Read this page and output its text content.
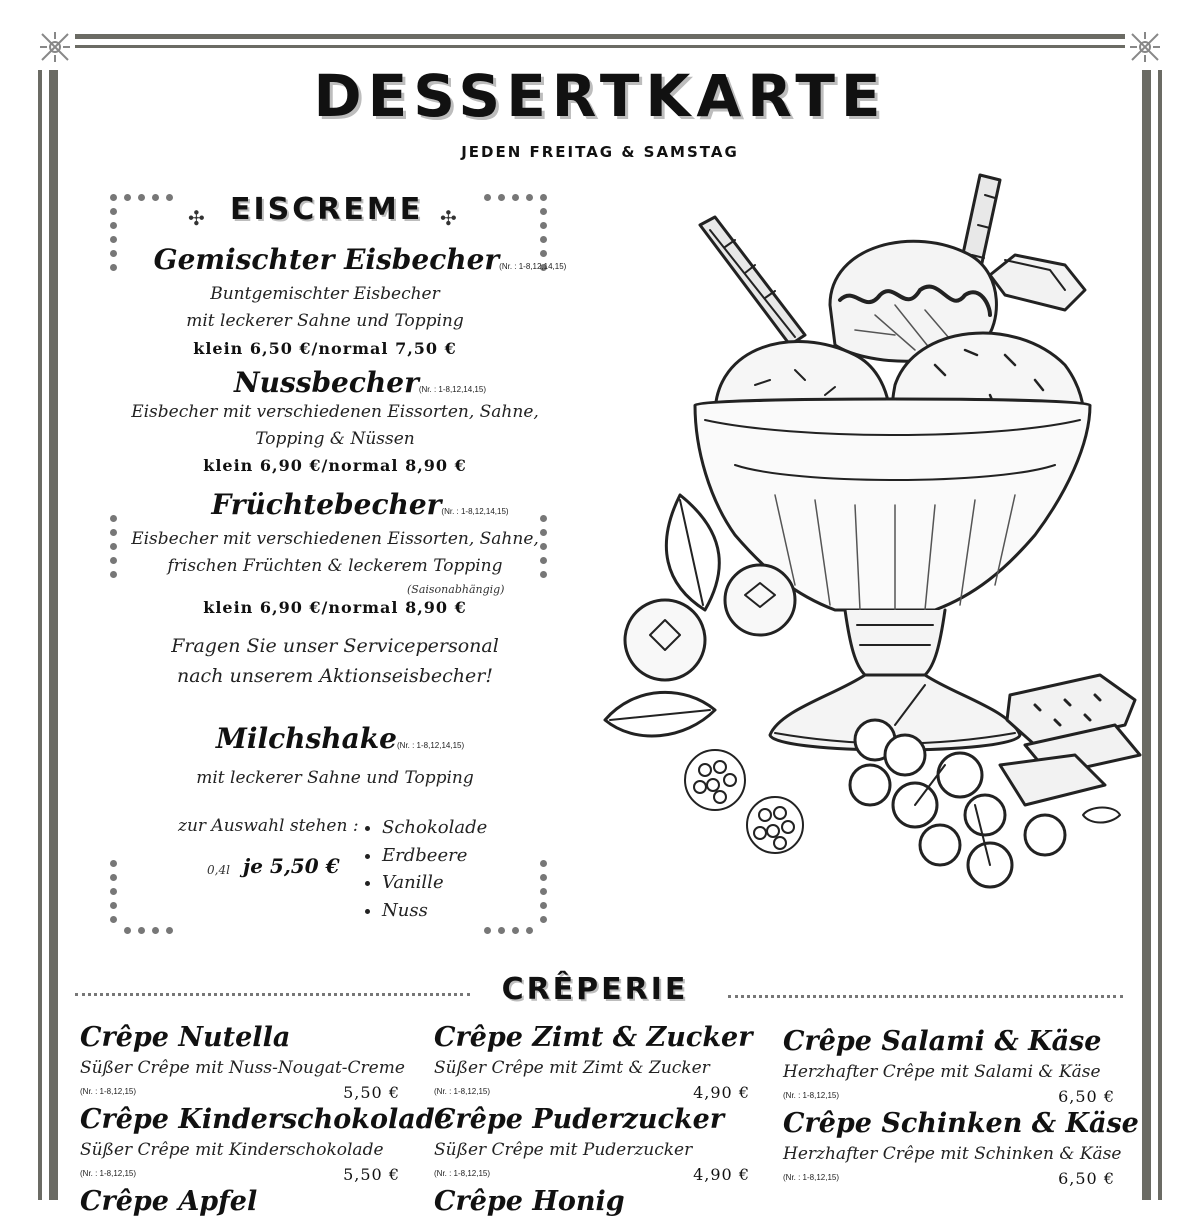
DESSERTKARTE
JEDEN FREITAG & SAMSTAG
✣ EISCREME ✣
Gemischter Eisbecher(Nr. : 1-8,12,14,15)
Buntgemischter Eisbecher
mit leckerer Sahne und Topping
klein 6,50 €/normal 7,50 €
Nussbecher(Nr. : 1-8,12,14,15)
Eisbecher mit verschiedenen Eissorten, Sahne,
Topping & Nüssen
klein 6,90 €/normal 8,90 €
Früchtebecher(Nr. : 1-8,12,14,15)
Eisbecher mit verschiedenen Eissorten, Sahne,
frischen Früchten & leckerem Topping
(Saisonabhängig)
klein 6,90 €/normal 8,90 €
Fragen Sie unser Servicepersonal
nach unserem Aktionseisbecher!
Milchshake(Nr. : 1-8,12,14,15)
mit leckerer Sahne und Topping
zur Auswahl stehen :
0,4l je 5,50 €
• Schokolade
• Erdbeere
• Vanille
• Nuss
CRÊPERIE
Crêpe Nutella
Süßer Crêpe mit Nuss-Nougat-Creme
(Nr. : 1-8,12,15)	5,50 €
Crêpe Kinderschokolade
Süßer Crêpe mit Kinderschokolade
(Nr. : 1-8,12,15)	5,50 €
Crêpe Apfel
Crêpe Zimt & Zucker
Süßer Crêpe mit Zimt & Zucker
(Nr. : 1-8,12,15)	4,90 €
Crêpe Puderzucker
Süßer Crêpe mit Puderzucker
(Nr. : 1-8,12,15)	4,90 €
Crêpe Honig
Crêpe Salami & Käse
Herzhafter Crêpe mit Salami & Käse
(Nr. : 1-8,12,15)	6,50 €
Crêpe Schinken & Käse
Herzhafter Crêpe mit Schinken & Käse
(Nr. : 1-8,12,15)	6,50 €
